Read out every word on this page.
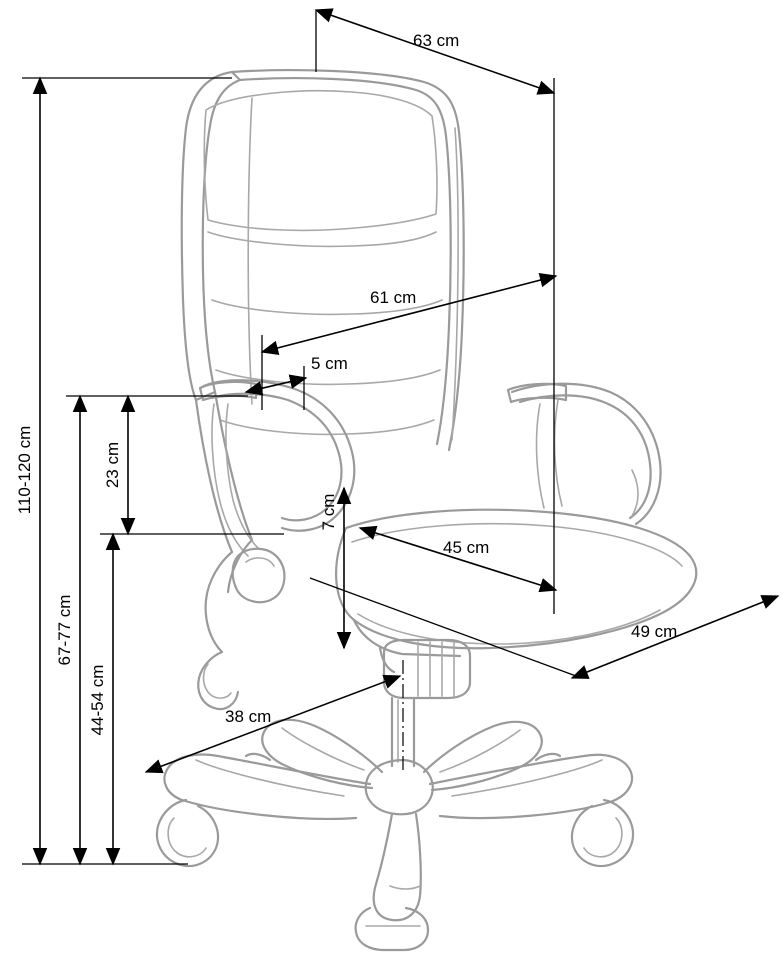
63 cm
61 cm
5 cm
23 cm
7 cm
45 cm
49 cm
38 cm
110-120 cm
67-77 cm
44-54 cm
